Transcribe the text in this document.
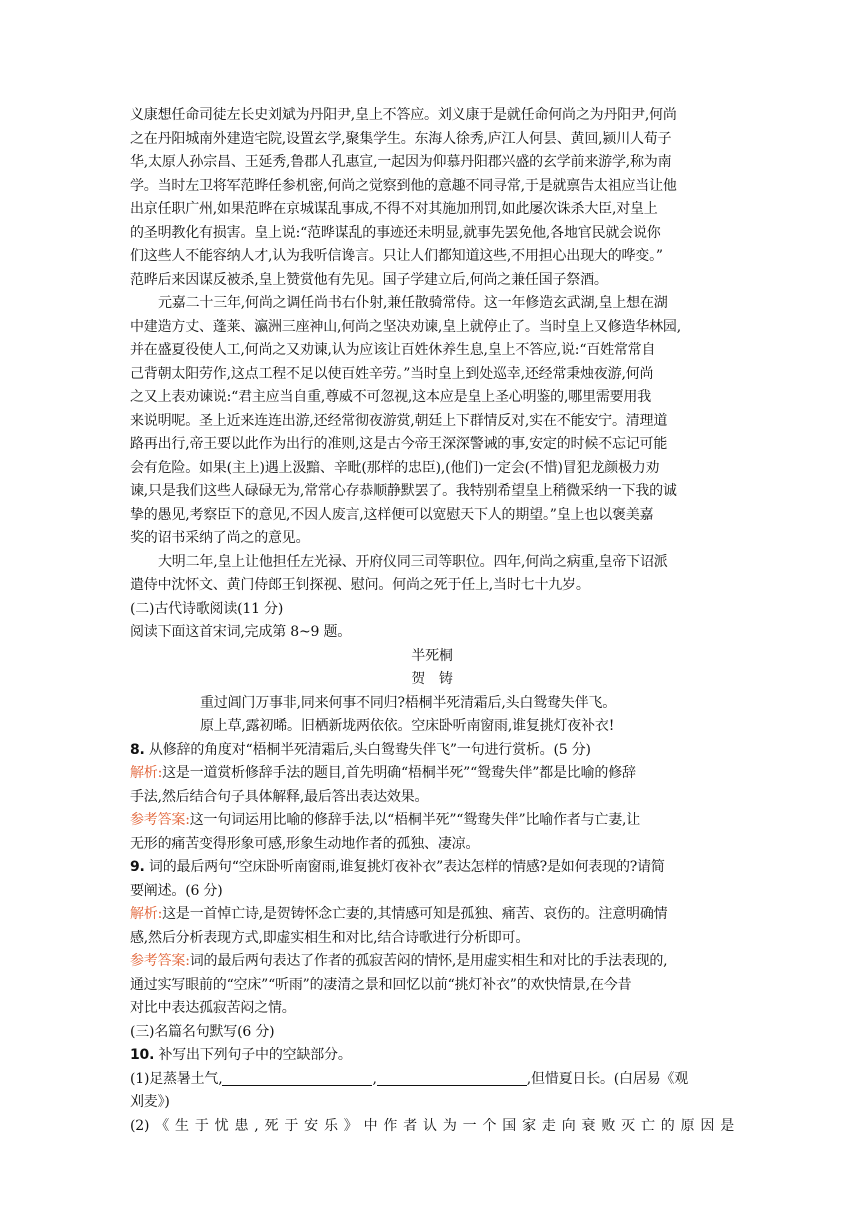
义康想任命司徒左长史刘斌为丹阳尹,皇上不答应。刘义康于是就任命何尚之为丹阳尹,何尚
之在丹阳城南外建造宅院,设置玄学,聚集学生。东海人徐秀,庐江人何昙、黄回,颍川人荀子
华,太原人孙宗昌、王延秀,鲁郡人孔惠宣,一起因为仰慕丹阳郡兴盛的玄学前来游学,称为南
学。当时左卫将军范晔任参机密,何尚之觉察到他的意趣不同寻常,于是就禀告太祖应当让他
出京任职广州,如果范晔在京城谋乱事成,不得不对其施加刑罚,如此屡次诛杀大臣,对皇上
的圣明教化有损害。皇上说:“范晔谋乱的事迹还未明显,就事先罢免他,各地官民就会说你
们这些人不能容纳人才,认为我听信谗言。只让人们都知道这些,不用担心出现大的哗变。”
范晔后来因谋反被杀,皇上赞赏他有先见。国子学建立后,何尚之兼任国子祭酒。
元嘉二十三年,何尚之调任尚书右仆射,兼任散骑常侍。这一年修造玄武湖,皇上想在湖
中建造方丈、蓬莱、瀛洲三座神山,何尚之坚决劝谏,皇上就停止了。当时皇上又修造华林园,
并在盛夏役使人工,何尚之又劝谏,认为应该让百姓休养生息,皇上不答应,说:“百姓常常自
己背朝太阳劳作,这点工程不足以使百姓辛劳。”当时皇上到处巡幸,还经常秉烛夜游,何尚
之又上表劝谏说:“君主应当自重,尊威不可忽视,这本应是皇上圣心明鉴的,哪里需要用我
来说明呢。圣上近来连连出游,还经常彻夜游赏,朝廷上下群情反对,实在不能安宁。清理道
路再出行,帝王要以此作为出行的准则,这是古今帝王深深警诫的事,安定的时候不忘记可能
会有危险。如果(主上)遇上汲黯、辛毗(那样的忠臣),(他们)一定会(不惜)冒犯龙颜极力劝
谏,只是我们这些人碌碌无为,常常心存恭顺静默罢了。我特别希望皇上稍微采纳一下我的诚
挚的愚见,考察臣下的意见,不因人废言,这样便可以宽慰天下人的期望。”皇上也以褒美嘉
奖的诏书采纳了尚之的意见。
大明二年,皇上让他担任左光禄、开府仪同三司等职位。四年,何尚之病重,皇帝下诏派
遣侍中沈怀文、黄门侍郎王钊探视、慰问。何尚之死于任上,当时七十九岁。
(二)古代诗歌阅读(11 分)
阅读下面这首宋词,完成第 8~9 题。
半死桐
贺　铸
重过阊门万事非,同来何事不同归?梧桐半死清霜后,头白鸳鸯失伴飞。
原上草,露初晞。旧栖新垅两依依。空床卧听南窗雨,谁复挑灯夜补衣!
8. 从修辞的角度对“梧桐半死清霜后,头白鸳鸯失伴飞”一句进行赏析。(5 分)
解析:这是一道赏析修辞手法的题目,首先明确“梧桐半死”“鸳鸯失伴”都是比喻的修辞
手法,然后结合句子具体解释,最后答出表达效果。
参考答案:这一句词运用比喻的修辞手法,以“梧桐半死”“鸳鸯失伴”比喻作者与亡妻,让
无形的痛苦变得形象可感,形象生动地作者的孤独、凄凉。
9. 词的最后两句“空床卧听南窗雨,谁复挑灯夜补衣”表达怎样的情感?是如何表现的?请简
要阐述。(6 分)
解析:这是一首悼亡诗,是贺铸怀念亡妻的,其情感可知是孤独、痛苦、哀伤的。注意明确情
感,然后分析表现方式,即虚实相生和对比,结合诗歌进行分析即可。
参考答案:词的最后两句表达了作者的孤寂苦闷的情怀,是用虚实相生和对比的手法表现的,
通过实写眼前的“空床”“听雨”的凄清之景和回忆以前“挑灯补衣”的欢快情景,在今昔
对比中表达孤寂苦闷之情。
(三)名篇名句默写(6 分)
10. 补写出下列句子中的空缺部分。
(1)足蒸暑土气,	,	,但惜夏日长。(白居易《观
刈麦》)
(2)《生于忧患,死于安乐》中作者认为一个国家走向衰败灭亡的原因是
